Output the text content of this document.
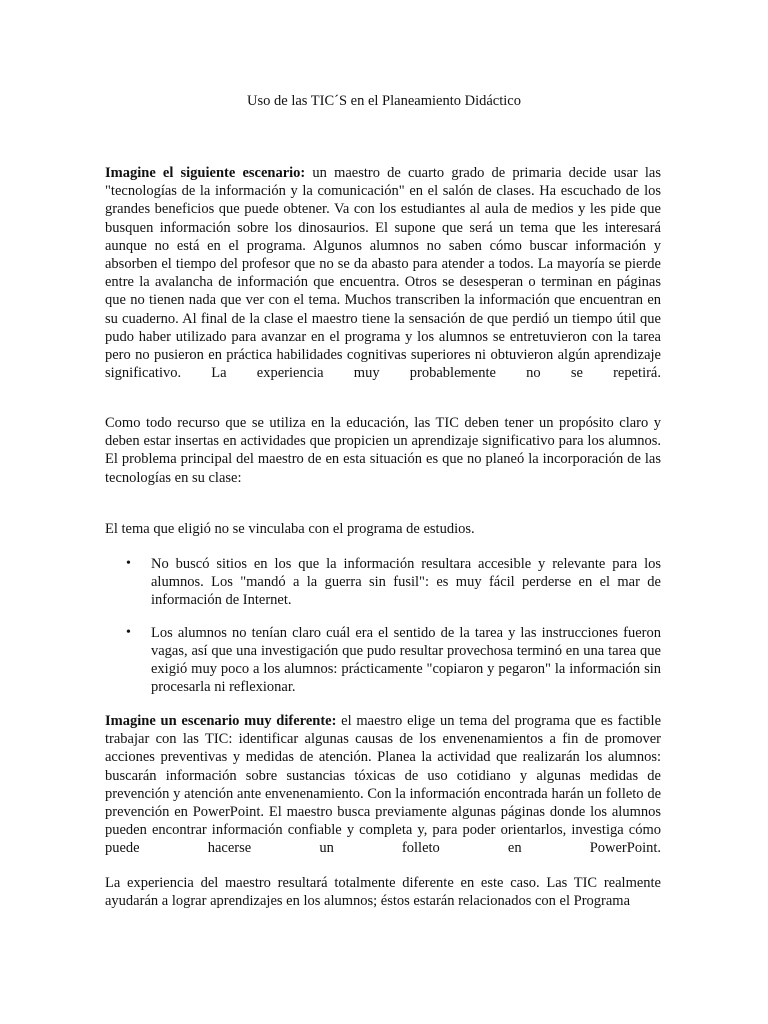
Uso de las TIC´S en el Planeamiento Didáctico

Imagine el siguiente escenario: un maestro de cuarto grado de primaria decide usar las "tecnologías de la información y la comunicación" en el salón de clases. Ha escuchado de los grandes beneficios que puede obtener. Va con los estudiantes al aula de medios y les pide que busquen información sobre los dinosaurios. El supone que será un tema que les interesará aunque no está en el programa. Algunos alumnos no saben cómo buscar información y absorben el tiempo del profesor que no se da abasto para atender a todos. La mayoría se pierde entre la avalancha de información que encuentra. Otros se desesperan o terminan en páginas que no tienen nada que ver con el tema. Muchos transcriben la información que encuentran en su cuaderno. Al final de la clase el maestro tiene la sensación de que perdió un tiempo útil que pudo haber utilizado para avanzar en el programa y los alumnos se entretuvieron con la tarea pero no pusieron en práctica habilidades cognitivas superiores ni obtuvieron algún aprendizaje significativo. La experiencia muy probablemente no se repetirá.

Como todo recurso que se utiliza en la educación, las TIC deben tener un propósito claro y deben estar insertas en actividades que propicien un aprendizaje significativo para los alumnos. El problema principal del maestro de en esta situación es que no planeó la incorporación de las tecnologías en su clase:

El tema que eligió no se vinculaba con el programa de estudios.

• No buscó sitios en los que la información resultara accesible y relevante para los alumnos. Los "mandó a la guerra sin fusil": es muy fácil perderse en el mar de información de Internet.
• Los alumnos no tenían claro cuál era el sentido de la tarea y las instrucciones fueron vagas, así que una investigación que pudo resultar provechosa terminó en una tarea que exigió muy poco a los alumnos: prácticamente "copiaron y pegaron" la información sin procesarla ni reflexionar.

Imagine un escenario muy diferente: el maestro elige un tema del programa que es factible trabajar con las TIC: identificar algunas causas de los envenenamientos a fin de promover acciones preventivas y medidas de atención. Planea la actividad que realizarán los alumnos: buscarán información sobre sustancias tóxicas de uso cotidiano y algunas medidas de prevención y atención ante envenenamiento. Con la información encontrada harán un folleto de prevención en PowerPoint. El maestro busca previamente algunas páginas donde los alumnos pueden encontrar información confiable y completa y, para poder orientarlos, investiga cómo puede hacerse un folleto en PowerPoint.

La experiencia del maestro resultará totalmente diferente en este caso. Las TIC realmente ayudarán a lograr aprendizajes en los alumnos; éstos estarán relacionados con el Programa
